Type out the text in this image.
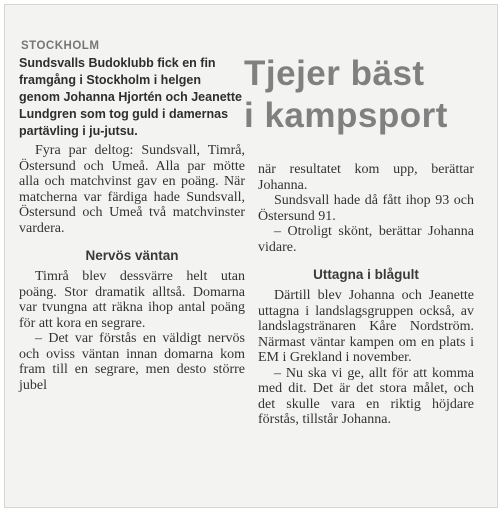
STOCKHOLM

Sundsvalls Budoklubb fick en fin framgång i Stockholm i helgen genom Johanna Hjortén och Jeanette Lundgren som tog guld i damernas partävling i ju-jutsu.

Fyra par deltog: Sundsvall, Timrå, Östersund och Umeå. Alla par mötte alla och matchvinst gav en poäng. När matcherna var färdiga hade Sundsvall, Östersund och Umeå två matchvinster vardera.

Nervös väntan

Timrå blev dessvärre helt utan poäng. Stor dramatik alltså. Domarna var tvungna att räkna ihop antal poäng för att kora en segrare.

– Det var förstås en väldigt nervös och oviss väntan innan domarna kom fram till en segrare, men desto större jubel

Tjejer bäst
i kampsport

när resultatet kom upp, berättar Johanna.

Sundsvall hade då fått ihop 93 och Östersund 91.

– Otroligt skönt, berättar Johanna vidare.

Uttagna i blågult

Därtill blev Johanna och Jeanette uttagna i landslagsgruppen också, av landslagstränaren Kåre Nordström. Närmast väntar kampen om en plats i EM i Grekland i november.

– Nu ska vi ge, allt för att komma med dit. Det är det stora målet, och det skulle vara en riktig höjdare förstås, tillstår Johanna.
